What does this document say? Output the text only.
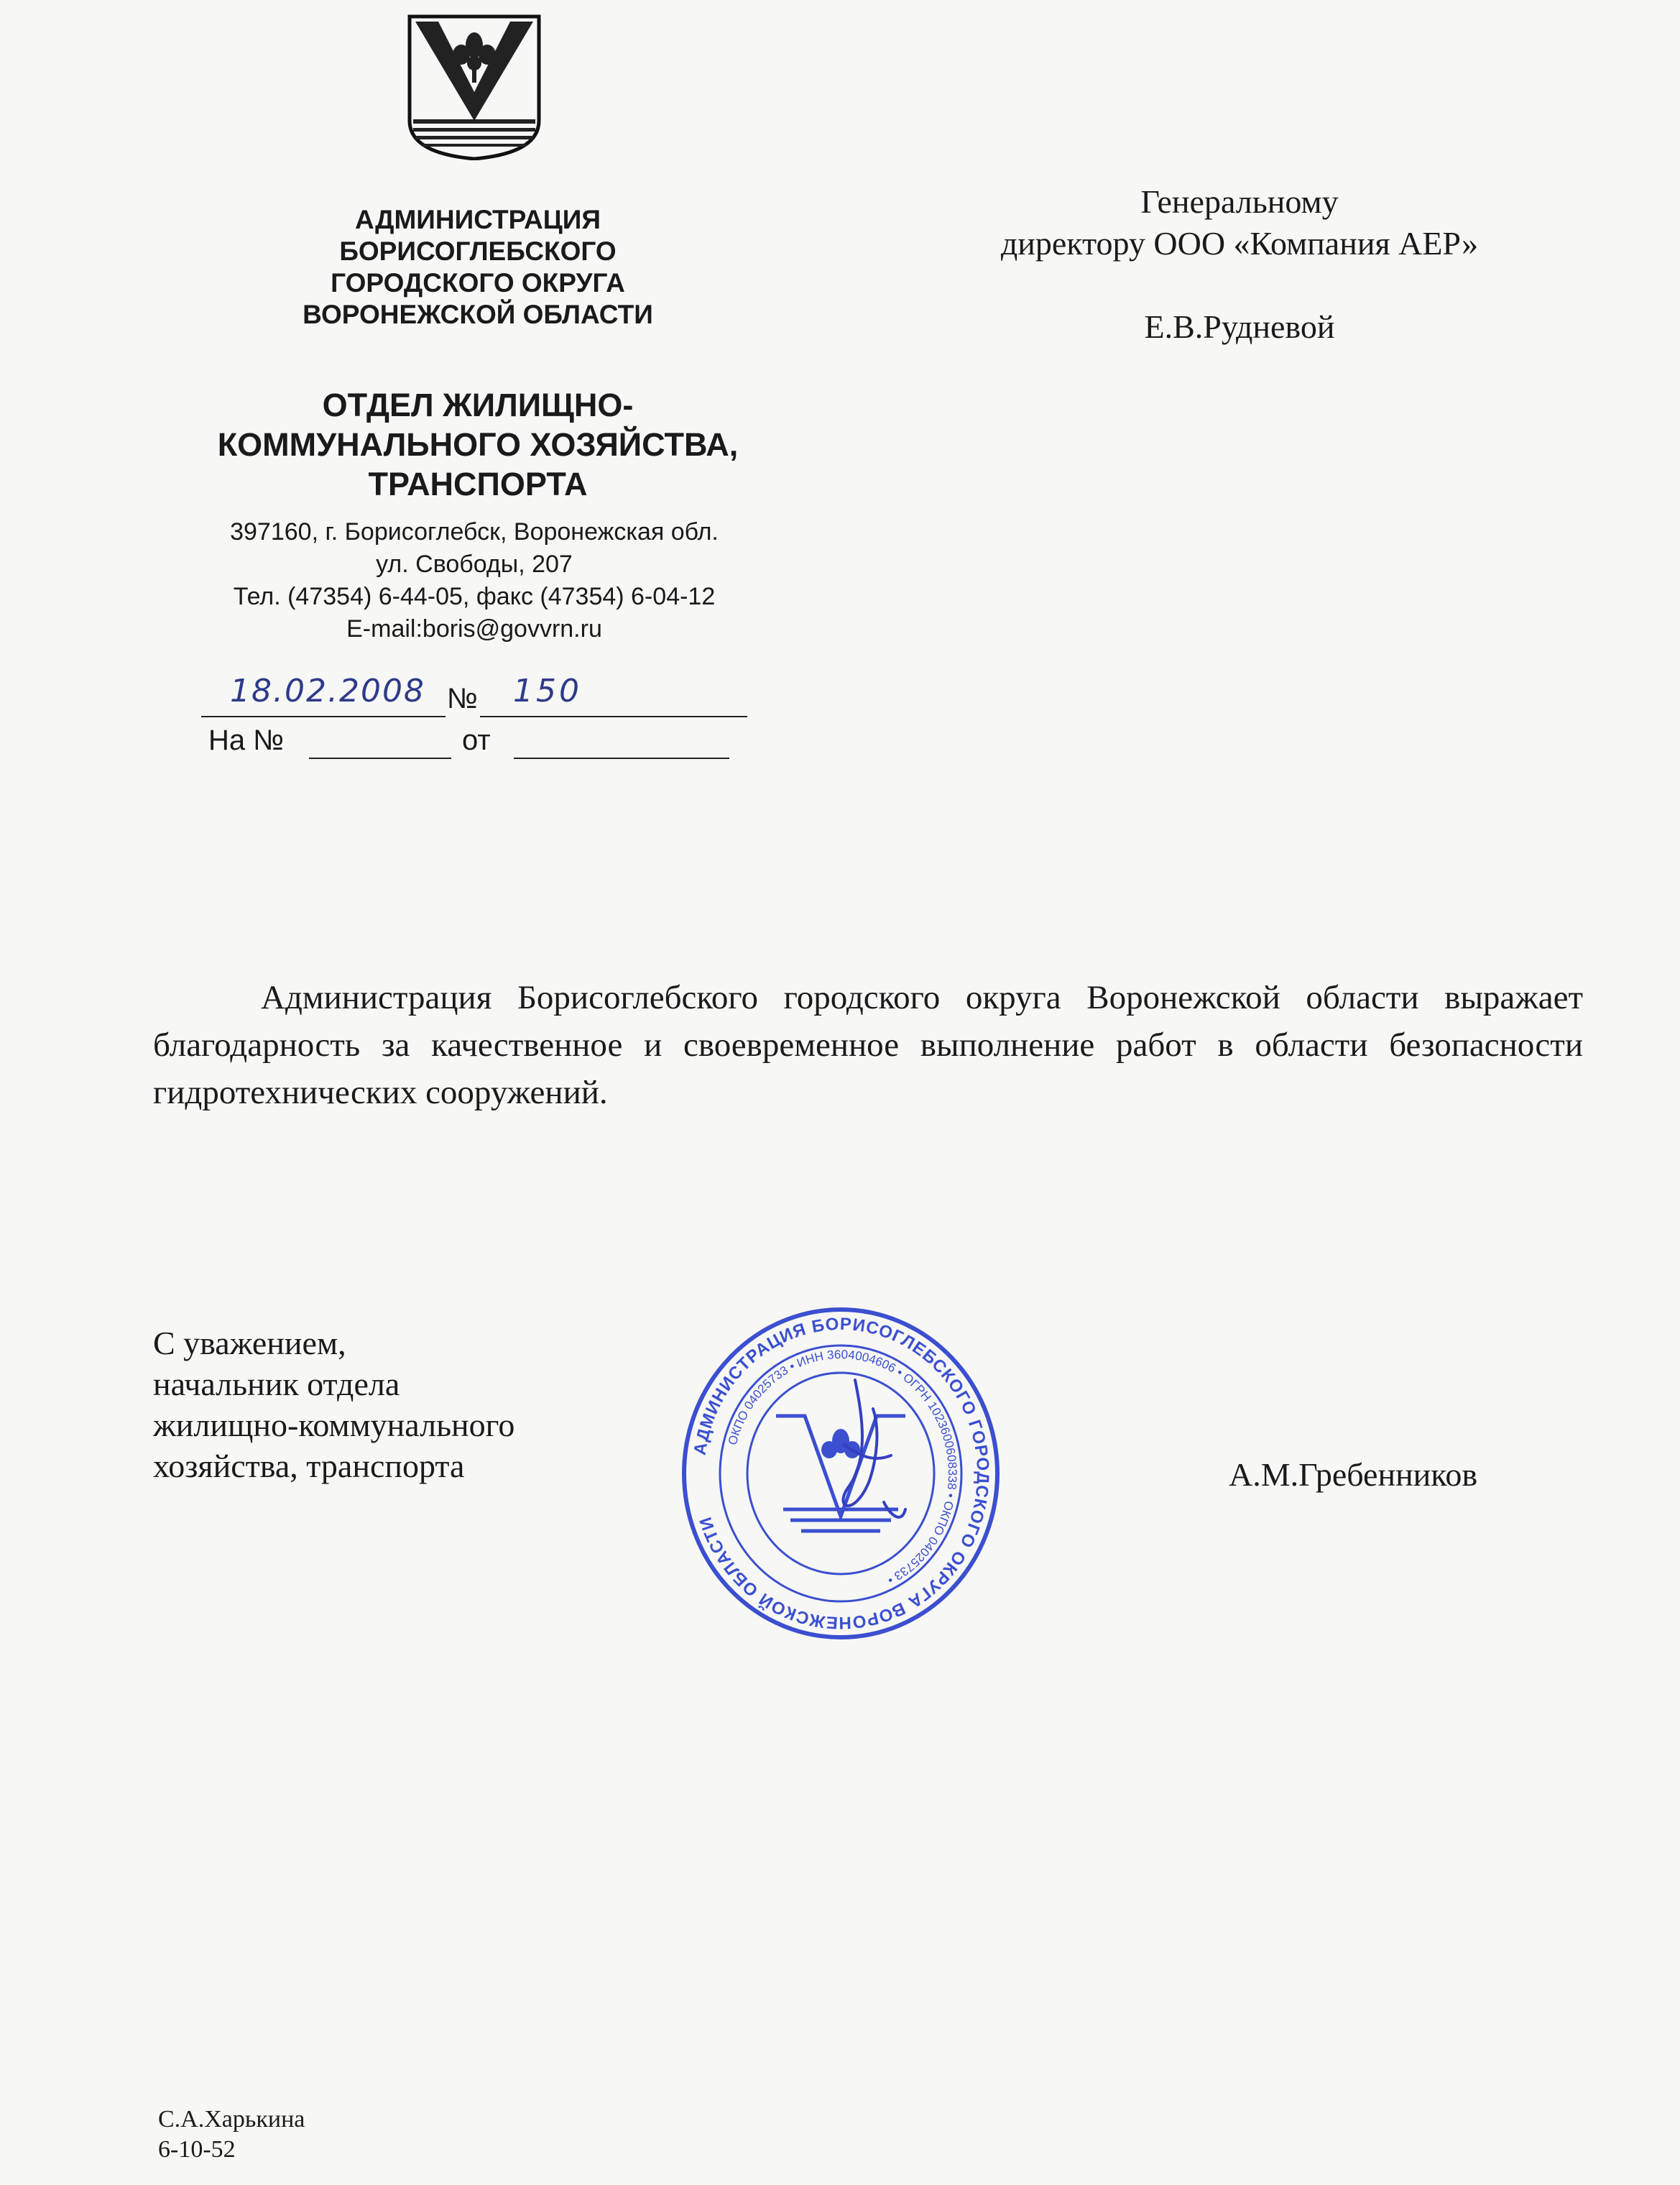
АДМИНИСТРАЦИЯ
БОРИСОГЛЕБСКОГО
ГОРОДСКОГО ОКРУГА
ВОРОНЕЖСКОЙ ОБЛАСТИ
ОТДЕЛ ЖИЛИЩНО-
КОММУНАЛЬНОГО ХОЗЯЙСТВА,
ТРАНСПОРТА
397160, г. Борисоглебск, Воронежская обл.
ул. Свободы, 207
Тел. (47354) 6-44-05, факс (47354) 6-04-12
E-mail:boris@govvrn.ru
18.02.2008 № 150
На №	от
Генеральному
директору ООО «Компания АЕР»
Е.В.Рудневой
Администрация Борисоглебского городского округа Воронежской области выражает благодарность за качественное и своевременное выполнение работ в области безопасности гидротехнических сооружений.
С уважением,
начальник отдела
жилищно-коммунального
хозяйства, транспорта	АДМИНИСТРАЦИЯ БОРИСОГЛЕБСКОГО ГОРОДСКОГО ОКРУГА ВОРОНЕЖСКОЙ ОБЛАСТИ
ОКПО 04025733 • ИНН 3604004606 • ОГРН 1023600608338 • ОКПО 04025733 •
А.М.Гребенников
С.А.Харькина
6-10-52
